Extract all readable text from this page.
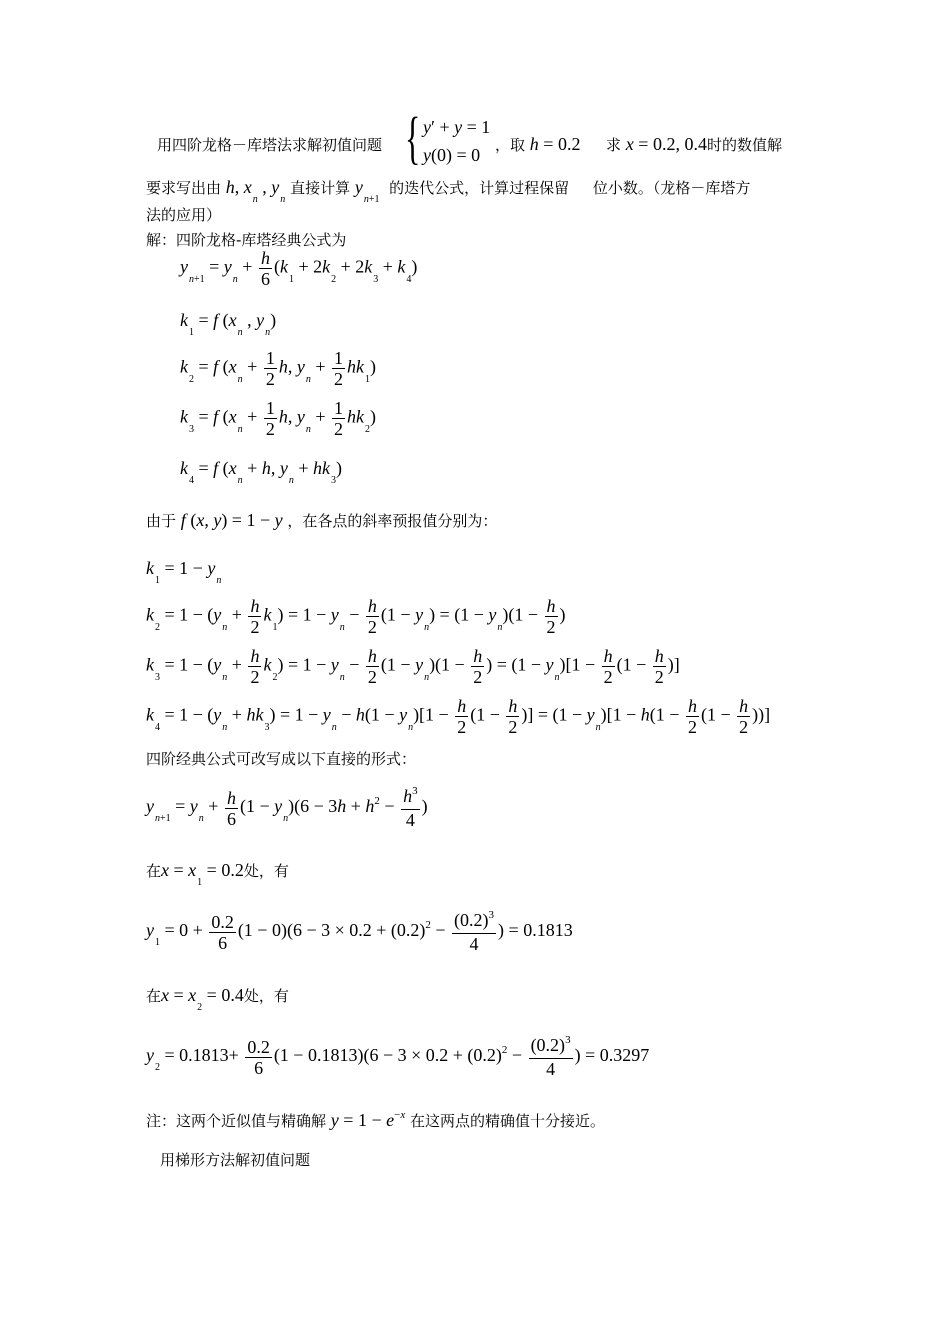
用四阶龙格－库塔法求解初值问题 { y′ + y = 1
y(0) = 0 ，取 h = 0.2 求 x = 0.2, 0.4时的数值解
要求写出由 h, $x_n$ , $y_n$ 直接计算 $y_{n+1}$  的迭代公式，计算过程保留 位小数。（龙格－库塔方
法的应用）
解：四阶龙格-库塔经典公式为
$y_{n+1} = y_n + \frac{h}{6} (k_1 + 2k_2 + 2k_3 + k_4)$
$k_1 = f$ ($x_n$ , $y_n$)
$k_2 = f$ ($x_n + \frac{1}{2} h$, $y_n + \frac{1}{2} hk_1$)
$k_3 = f$ ($x_n + \frac{1}{2} h$, $y_n + \frac{1}{2} hk_2$)
$k_4 = f$ ($x_n + h$, $y_n + hk_3$)
由于 f (x, y) = 1 − y ，在各点的斜率预报值分别为：
$k_1 = 1 - y_n$
$k_2 = 1 - (y_n + \frac{h}{2} k_1) = 1 - y_n - \frac{h}{2} (1 - y_n) = (1 - y_n)(1 - \frac{h}{2}$ )
$k_3 = 1 - (y_n + \frac{h}{2} k_2) = 1 - y_n - \frac{h}{2} (1 - y_n)(1 - \frac{h}{2}$ ) = $(1 - y_n)[1 - \frac{h}{2} (1 - \frac{h}{2}$ )]
$k_4 = 1 - (y_n + hk_3) = 1 - y_n - h(1 - y_n)[1 - \frac{h}{2} (1 - \frac{h}{2}$ )] = $(1 - y_n)[1 - h(1 - \frac{h}{2} (1 - \frac{h}{2}$ ))]
四阶经典公式可改写成以下直接的形式：
$y_{n+1} = y_n + \frac{h}{6} (1 - y_n)(6 - 3h + h^2 - \frac{h^3}{4}$ )
在$x = x_1 = 0.2$处，有
$y_1 = 0 + \frac{0.2}{6} (1 - 0)(6 - 3 \times 0.2 + (0.2)^2 - \frac{(0.2)^3}{4}$ ) = 0.1813
在$x = x_2 = 0.4$处，有
$y_2 = 0.1813+ \frac{0.2}{6} (1 - 0.1813)(6 - 3 \times 0.2 + (0.2)^2 - \frac{(0.2)^3}{4}$ ) = 0.3297
注：这两个近似值与精确解 $y = 1 - e^{-x}$ 在这两点的精确值十分接近。
用梯形方法解初值问题
